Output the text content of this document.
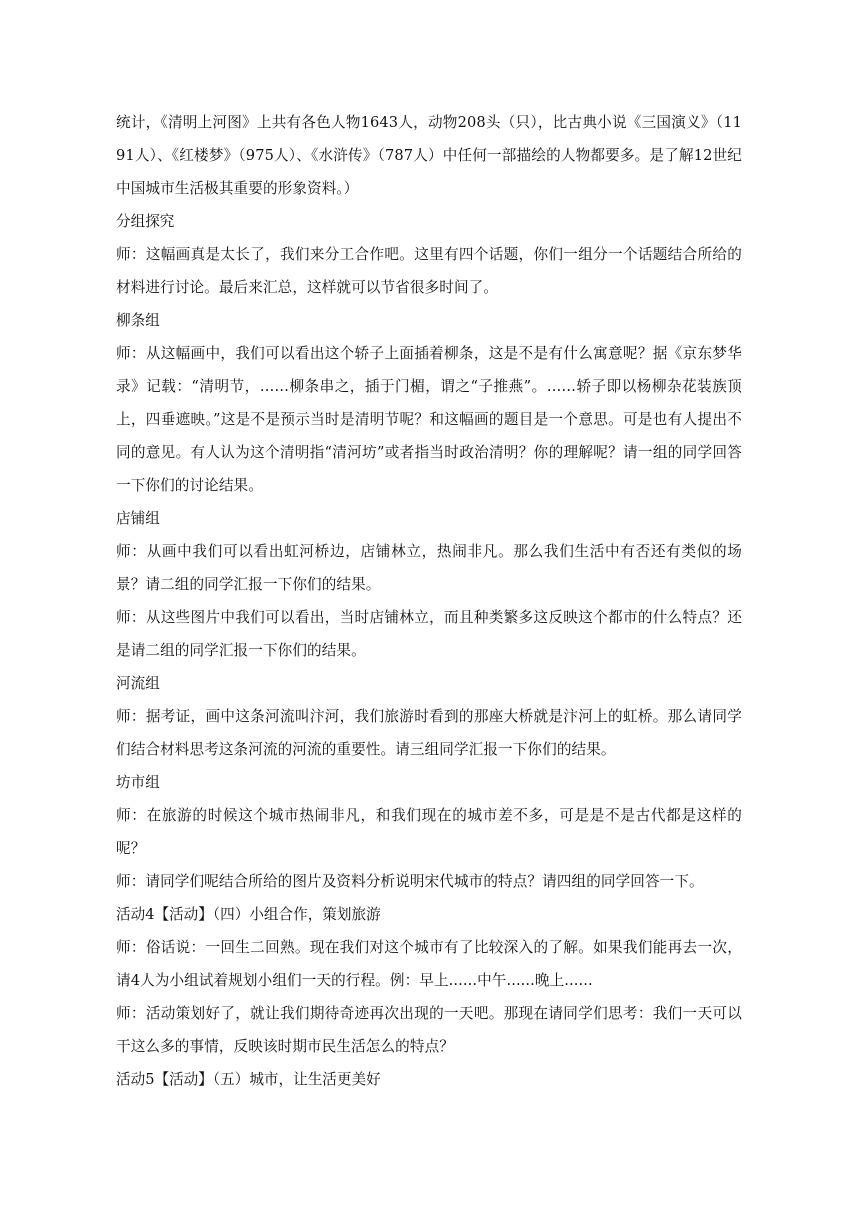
统计，《清明上河图》上共有各色人物1643人，动物208头（只），比古典小说《三国演义》（1191人）、《红楼梦》（975人）、《水浒传》（787人）中任何一部描绘的人物都要多。是了解12世纪中国城市生活极其重要的形象资料。）

分组探究

师：这幅画真是太长了，我们来分工合作吧。这里有四个话题，你们一组分一个话题结合所给的材料进行讨论。最后来汇总，这样就可以节省很多时间了。

柳条组

师：从这幅画中，我们可以看出这个轿子上面插着柳条，这是不是有什么寓意呢？据《京东梦华录》记载：“清明节，……柳条串之，插于门楣，谓之“子推燕”。……轿子即以杨柳杂花装族顶上，四垂遮映。”这是不是预示当时是清明节呢？和这幅画的题目是一个意思。可是也有人提出不同的意见。有人认为这个清明指“清河坊”或者指当时政治清明？你的理解呢？请一组的同学回答一下你们的讨论结果。

店铺组

师：从画中我们可以看出虹河桥边，店铺林立，热闹非凡。那么我们生活中有否还有类似的场景？请二组的同学汇报一下你们的结果。

师：从这些图片中我们可以看出，当时店铺林立，而且种类繁多这反映这个都市的什么特点？还是请二组的同学汇报一下你们的结果。

河流组

师：据考证，画中这条河流叫汴河，我们旅游时看到的那座大桥就是汴河上的虹桥。那么请同学们结合材料思考这条河流的河流的重要性。请三组同学汇报一下你们的结果。

坊市组

师：在旅游的时候这个城市热闹非凡，和我们现在的城市差不多，可是是不是古代都是这样的呢？

师：请同学们呢结合所给的图片及资料分析说明宋代城市的特点？请四组的同学回答一下。

活动4【活动】（四）小组合作，策划旅游

师：俗话说：一回生二回熟。现在我们对这个城市有了比较深入的了解。如果我们能再去一次，请4人为小组试着规划小组们一天的行程。例：早上......中午......晚上......

师：活动策划好了，就让我们期待奇迹再次出现的一天吧。那现在请同学们思考：我们一天可以干这么多的事情，反映该时期市民生活怎么的特点？

活动5【活动】（五）城市，让生活更美好
